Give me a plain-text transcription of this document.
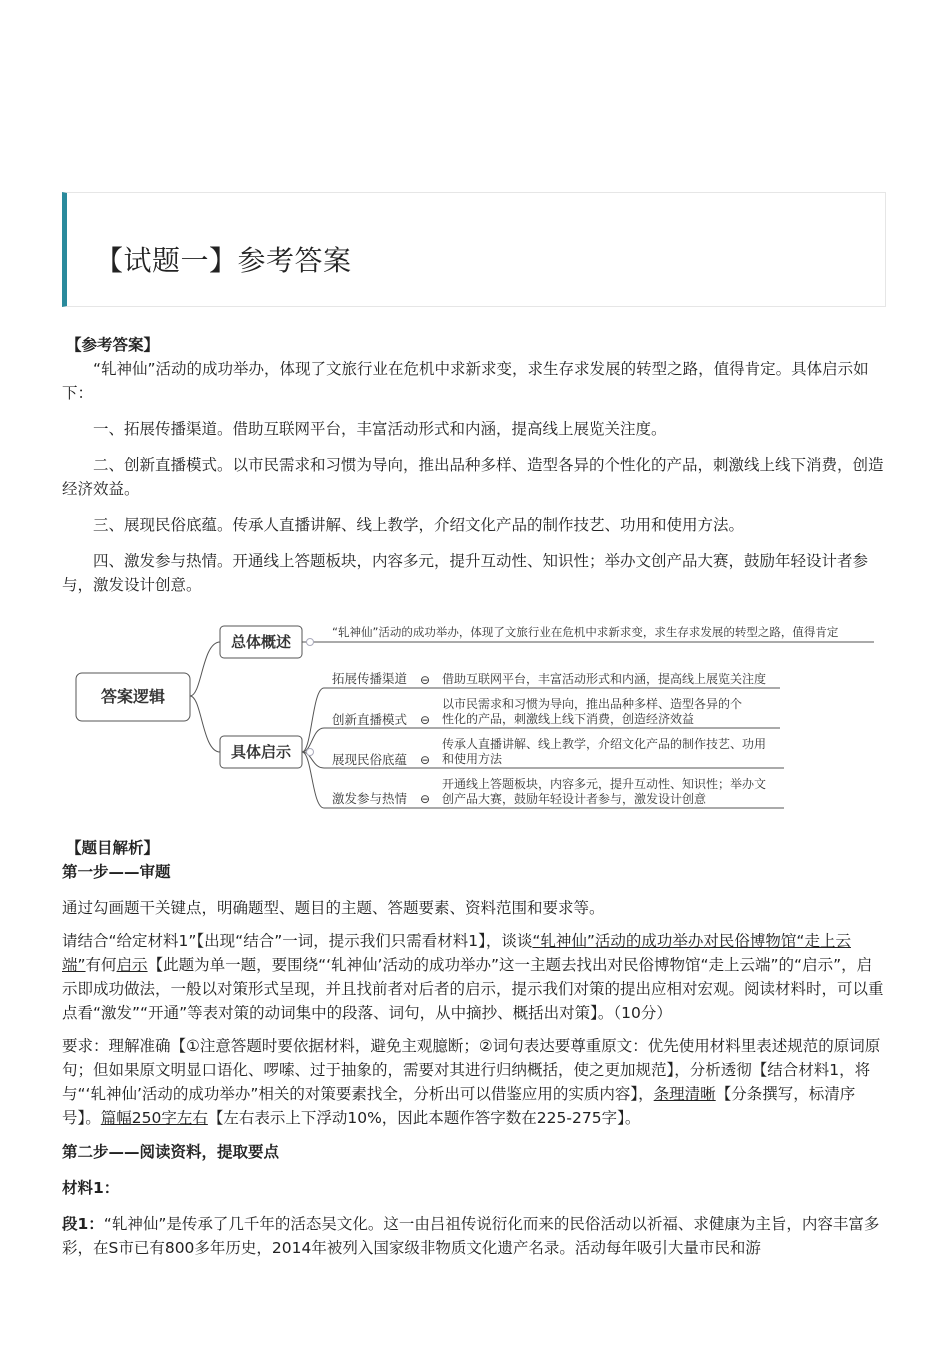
【试题一】参考答案

【参考答案】

“轧神仙”活动的成功举办，体现了文旅行业在危机中求新求变，求生存求发展的转型之路，值得肯定。具体启示如下：

一、拓展传播渠道。借助互联网平台，丰富活动形式和内涵，提高线上展览关注度。

二、创新直播模式。以市民需求和习惯为导向，推出品种多样、造型各异的个性化的产品，刺激线上线下消费，创造经济效益。

三、展现民俗底蕴。传承人直播讲解、线上教学，介绍文化产品的制作技艺、功用和使用方法。

四、激发参与热情。开通线上答题板块，内容多元，提升互动性、知识性；举办文创产品大赛，鼓励年轻设计者参与，激发设计创意。

答案逻辑
总体概述
“轧神仙”活动的成功举办，体现了文旅行业在危机中求新求变，求生存求发展的转型之路，值得肯定
具体启示
拓展传播渠道 ⊖ 借助互联网平台，丰富活动形式和内涵，提高线上展览关注度
创新直播模式 ⊖
以市民需求和习惯为导向，推出品种多样、造型各异的个
性化的产品，刺激线上线下消费，创造经济效益
展现民俗底蕴 ⊖
传承人直播讲解、线上教学，介绍文化产品的制作技艺、功用
和使用方法
激发参与热情 ⊖
开通线上答题板块，内容多元，提升互动性、知识性；举办文
创产品大赛，鼓励年轻设计者参与，激发设计创意

【题目解析】

第一步——审题

通过勾画题干关键点，明确题型、题目的主题、答题要素、资料范围和要求等。

请结合“给定材料1”【出现“结合”一词，提示我们只需看材料1】，谈谈“轧神仙”活动的成功举办对民俗博物馆“走上云端”有何启示【此题为单一题，要围绕“‘轧神仙’活动的成功举办”这一主题去找出对民俗博物馆“走上云端”的“启示”，启示即成功做法，一般以对策形式呈现，并且找前者对后者的启示，提示我们对策的提出应相对宏观。阅读材料时，可以重点看“激发”“开通”等表对策的动词集中的段落、词句，从中摘抄、概括出对策】。（10分）

要求：理解准确【①注意答题时要依据材料，避免主观臆断；②词句表达要尊重原文：优先使用材料里表述规范的原词原句；但如果原文明显口语化、啰嗦、过于抽象的，需要对其进行归纳概括，使之更加规范】，分析透彻【结合材料1，将与“‘轧神仙’活动的成功举办”相关的对策要素找全，分析出可以借鉴应用的实质内容】，条理清晰【分条撰写，标清序号】。篇幅250字左右【左右表示上下浮动10%，因此本题作答字数在225-275字】。

第二步——阅读资料，提取要点

材料1：

段1：“轧神仙”是传承了几千年的活态吴文化。这一由吕祖传说衍化而来的民俗活动以祈福、求健康为主旨，内容丰富多彩，在S市已有800多年历史，2014年被列入国家级非物质文化遗产名录。活动每年吸引大量市民和游
